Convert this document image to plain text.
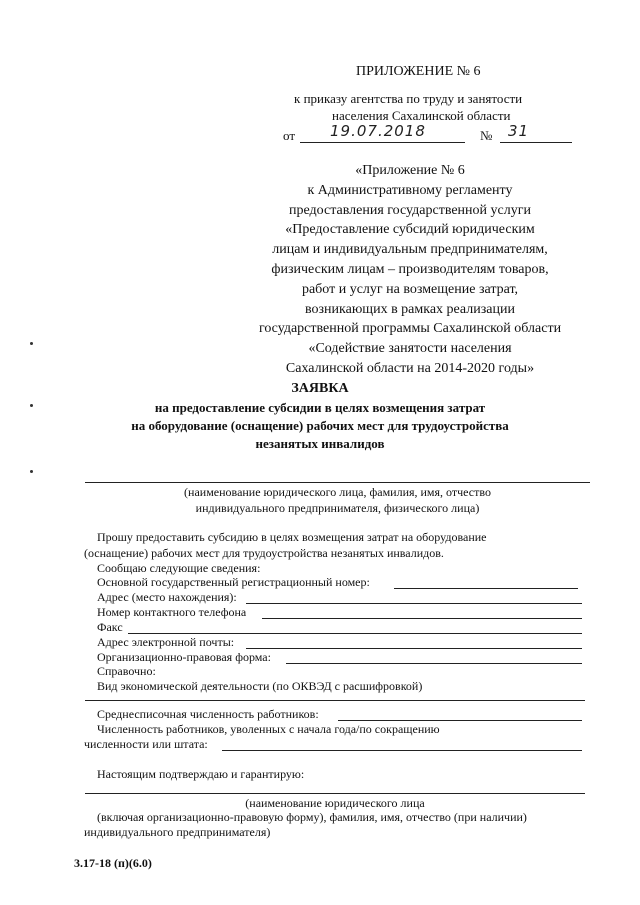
ПРИЛОЖЕНИЕ № 6
к приказу агентства по труду и занятости
населения Сахалинской области
от 19.07.2018	№ 31
«Приложение № 6
к Административному регламенту
предоставления государственной услуги
«Предоставление субсидий юридическим
лицам и индивидуальным предпринимателям,
физическим лицам – производителям товаров,
работ и услуг на возмещение затрат,
возникающих в рамках реализации
государственной программы Сахалинской области
«Содействие занятости населения
Сахалинской области на 2014-2020 годы»
ЗАЯВКА
на предоставление субсидии в целях возмещения затрат
на оборудование (оснащение) рабочих мест для трудоустройства
незанятых инвалидов
(наименование юридического лица, фамилия, имя, отчество
индивидуального предпринимателя, физического лица)
Прошу предоставить субсидию в целях возмещения затрат на оборудование
(оснащение) рабочих мест для трудоустройства незанятых инвалидов.
Сообщаю следующие сведения:
Основной государственный регистрационный номер:
Адрес (место нахождения):
Номер контактного телефона
Факс
Адрес электронной почты:
Организационно-правовая форма:
Справочно:
Вид экономической деятельности (по ОКВЭД с расшифровкой)
Среднесписочная численность работников:
Численность работников, уволенных с начала года/по сокращению
численности или штата:
Настоящим подтверждаю и гарантирую:
(наименование юридического лица
(включая организационно-правовую форму), фамилия, имя, отчество (при наличии)
индивидуального предпринимателя)
3.17-18 (п)(6.0)
